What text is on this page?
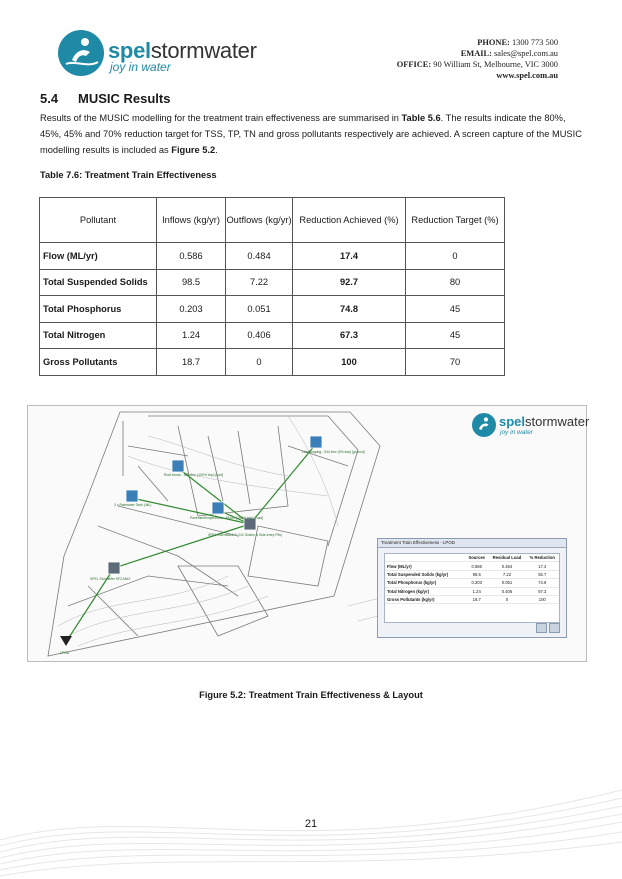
spelstormwater
joy in water
PHONE: 1300 773 500
EMAIL: sales@spel.com.au
OFFICE: 90 William St, Melbourne, VIC 3000
www.spel.com.au
5.4 MUSIC Results
Results of the MUSIC modelling for the treatment train effectiveness are summarised in Table 5.6. The results indicate the 80%, 45%, 45% and 70% reduction target for TSS, TP, TN and gross pollutants respectively are achieved. A screen capture of the MUSIC modelling results is included as Figure 5.2.
Table 7.6: Treatment Train Effectiveness
Pollutant	Inflows (kg/yr)	Outflows (kg/yr)	Reduction Achieved (%)	Reduction Target (%)
Flow (ML/yr)	0.586	0.484	17.4	0
Total Suspended Solids	98.5	7.22	92.7	80
Total Phosphorus	0.203	0.051	74.8	45
Total Nitrogen	1.24	0.406	67.3	45
Gross Pollutants	18.7	0	100	70
Landscaping - 944.6m² (0% imp) [ground]
Roof Areas - 525.6m² (100% imp) [roof]
3 x Rainwater Tank (4kL)
Pavement/impervious - 481m² (100% imp) [road]
SPEL Stormsack™ (1/2 Grates & Side-entry Pits)
SPEL Stormfilter SF2-MAX
LPOD
spelstormwater
joy in water
Treatment Train Effectiveness - LPOD
	Sources	Residual Load	% Reduction
Flow (ML/yr)	0.586	0.484	17.4
Total Suspended Solids (kg/yr)	98.5	7.22	92.7
Total Phosphorus (kg/yr)	0.203	0.051	74.8
Total Nitrogen (kg/yr)	1.24	0.406	67.3
Gross Pollutants (kg/yr)	18.7	0	100
Figure 5.2: Treatment Train Effectiveness & Layout
21
